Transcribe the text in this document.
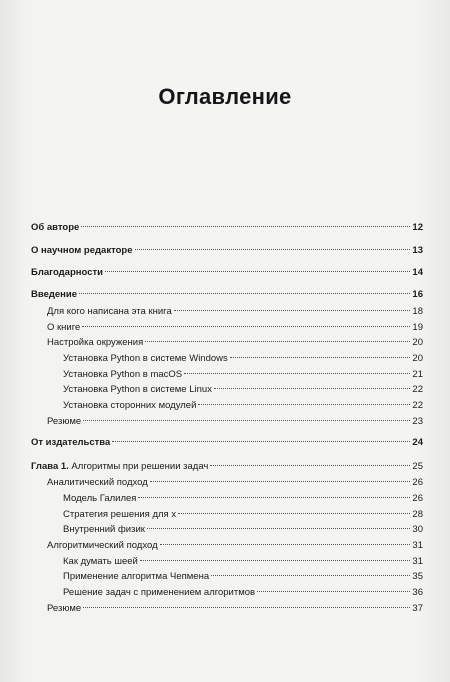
Оглавление
Об авторе	12
О научном редакторе	13
Благодарности	14
Введение	16
Для кого написана эта книга	18
О книге	19
Настройка окружения	20
Установка Python в системе Windows	20
Установка Python в macOS	21
Установка Python в системе Linux	22
Установка сторонних модулей	22
Резюме	23
От издательства	24
Глава 1. Алгоритмы при решении задач	25
Аналитический подход	26
Модель Галилея	26
Стратегия решения для x	28
Внутренний физик	30
Алгоритмический подход	31
Как думать шеей	31
Применение алгоритма Чепмена	35
Решение задач с применением алгоритмов	36
Резюме	37
